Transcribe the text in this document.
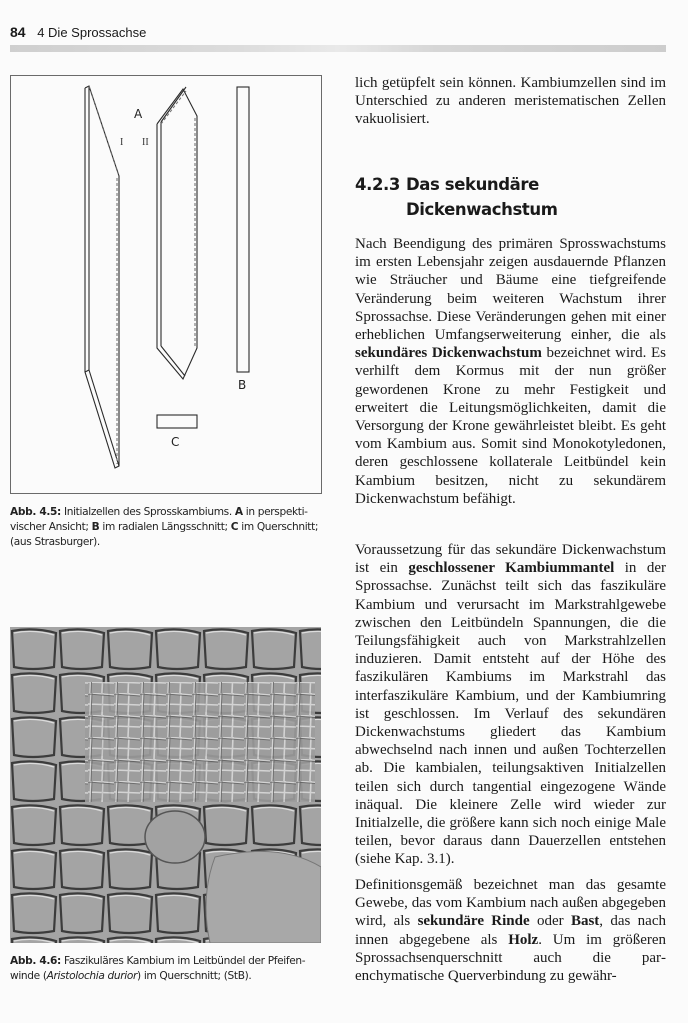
84 4 Die Sprossachse
A
I II
B
C
Abb. 4.5: Initialzellen des Sprosskambiums. A in perspektivischer Ansicht; B im radialen Längsschnitt; C im Querschnitt; (aus Strasburger).
Abb. 4.6: Faszikuläres Kambium im Leitbündel der Pfeifenwinde (Aristolochia durior) im Querschnitt; (StB).

lich getüpfelt sein können. Kambiumzellen sind im Unterschied zu anderen meristematischen Zellen vakuolisiert.

4.2.3 Das sekundäre
Dickenwachstum

Nach Beendigung des primären Sprosswachstums im ersten Lebensjahr zeigen ausdauernde Pflanzen wie Sträucher und Bäume eine tiefgreifende Veränderung beim weiteren Wachstum ihrer Sprossachse. Diese Veränderungen gehen mit einer erheblichen Umfangserweiterung einher, die als sekundäres Dickenwachstum bezeichnet wird. Es verhilft dem Kormus mit der nun größer gewordenen Krone zu mehr Festigkeit und erweitert die Leitungsmöglichkeiten, damit die Versorgung der Krone gewährleistet bleibt. Es geht vom Kambium aus. Somit sind Monokotyledonen, deren geschlossene kollaterale Leitbündel kein Kambium besitzen, nicht zu sekundärem Dickenwachstum befähigt.

Voraussetzung für das sekundäre Dickenwachstum ist ein geschlossener Kambiummantel in der Sprossachse. Zunächst teilt sich das faszikuläre Kambium und verursacht im Markstrahlgewebe zwischen den Leitbündeln Spannungen, die die Teilungsfähigkeit auch von Markstrahlzellen induzieren. Damit entsteht auf der Höhe des faszikulären Kambiums im Markstrahl das interfaszikuläre Kambium, und der Kambiumring ist geschlossen. Im Verlauf des sekundären Dickenwachstums gliedert das Kambium abwechselnd nach innen und außen Tochterzellen ab. Die kambialen, teilungsaktiven Initialzellen teilen sich durch tangential eingezogene Wände inäqual. Die kleinere Zelle wird wieder zur Initialzelle, die größere kann sich noch einige Male teilen, bevor daraus dann Dauerzellen entstehen (siehe Kap. 3.1).

Definitionsgemäß bezeichnet man das gesamte Gewebe, das vom Kambium nach außen abgegeben wird, als sekundäre Rinde oder Bast, das nach innen abgegebene als Holz. Um im größeren Sprossachsenquerschnitt auch die parenchymatische Querverbindung zu gewähr-
